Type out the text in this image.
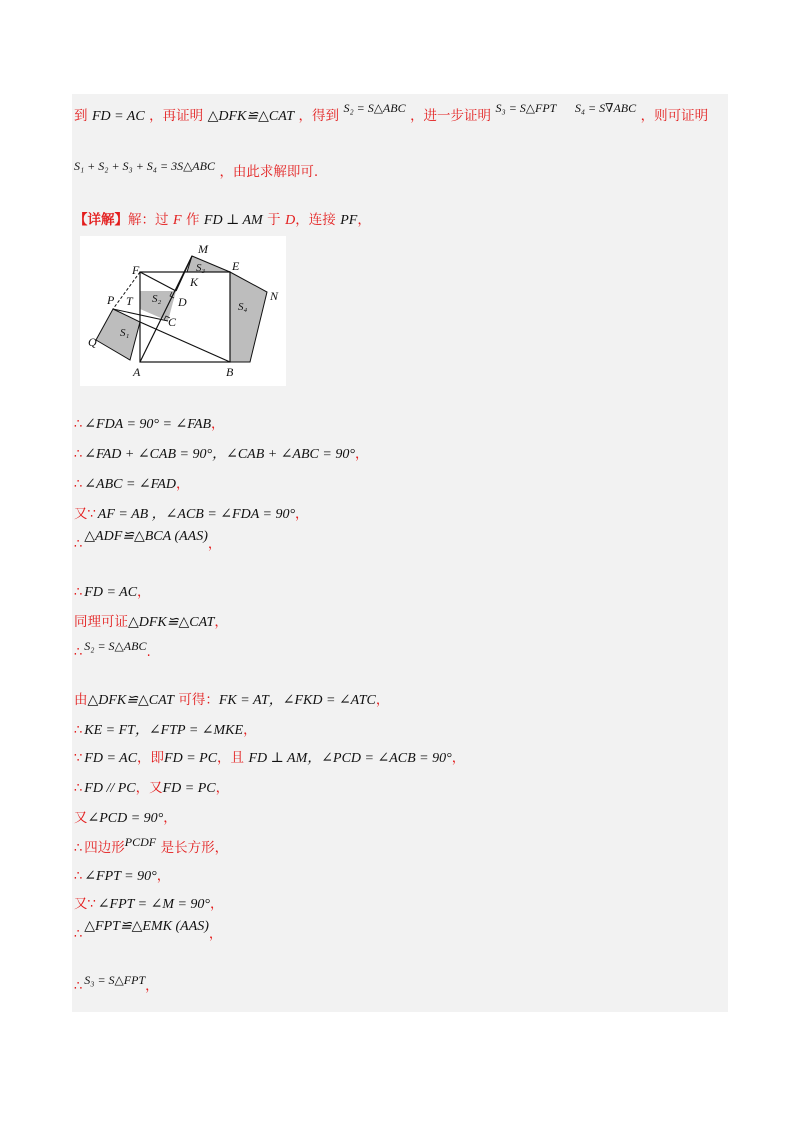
到 FD = AC ，再证明 △DFK≌△CAT ，得到 S₂ = S△ABC ，进一步证明 S₃ = S△FPT S₄ = S∇ABC ，则可证明
S₁ + S₂ + S₃ + S₄ = 3S△ABC ，由此求解即可.
【详解】解：过 F 作 FD ⊥ AM 于 D，连接 PF，
M
E
F
K
S₃
S₂ D
P T
C
S₄
N
S₁
Q
A	B
∴ ∠FDA = 90° = ∠FAB，
∴ ∠FAD + ∠CAB = 90°，∠CAB + ∠ABC = 90°，
∴ ∠ABC = ∠FAD，
又∵ AF = AB ，∠ACB = ∠FDA = 90°，
∴△ADF≌△BCA (AAS)，
∴ FD = AC，
同理可证△DFK≌△CAT，
∴ S₂ = S△ABC.
由△DFK≌△CAT 可得：FK = AT，∠FKD = ∠ATC，
∴ KE = FT，∠FTP = ∠MKE，
∵ FD = AC，即FD = PC，且 FD ⊥ AM，∠PCD = ∠ACB = 90°，
∴ FD // PC，又FD = PC，
又∠PCD = 90°，
∴ 四边形PCDF 是长方形，
∴ ∠FPT = 90°，
又∵ ∠FPT = ∠M = 90°，
∴△FPT≌△EMK (AAS)，
∴ S₃ = S△FPT，
